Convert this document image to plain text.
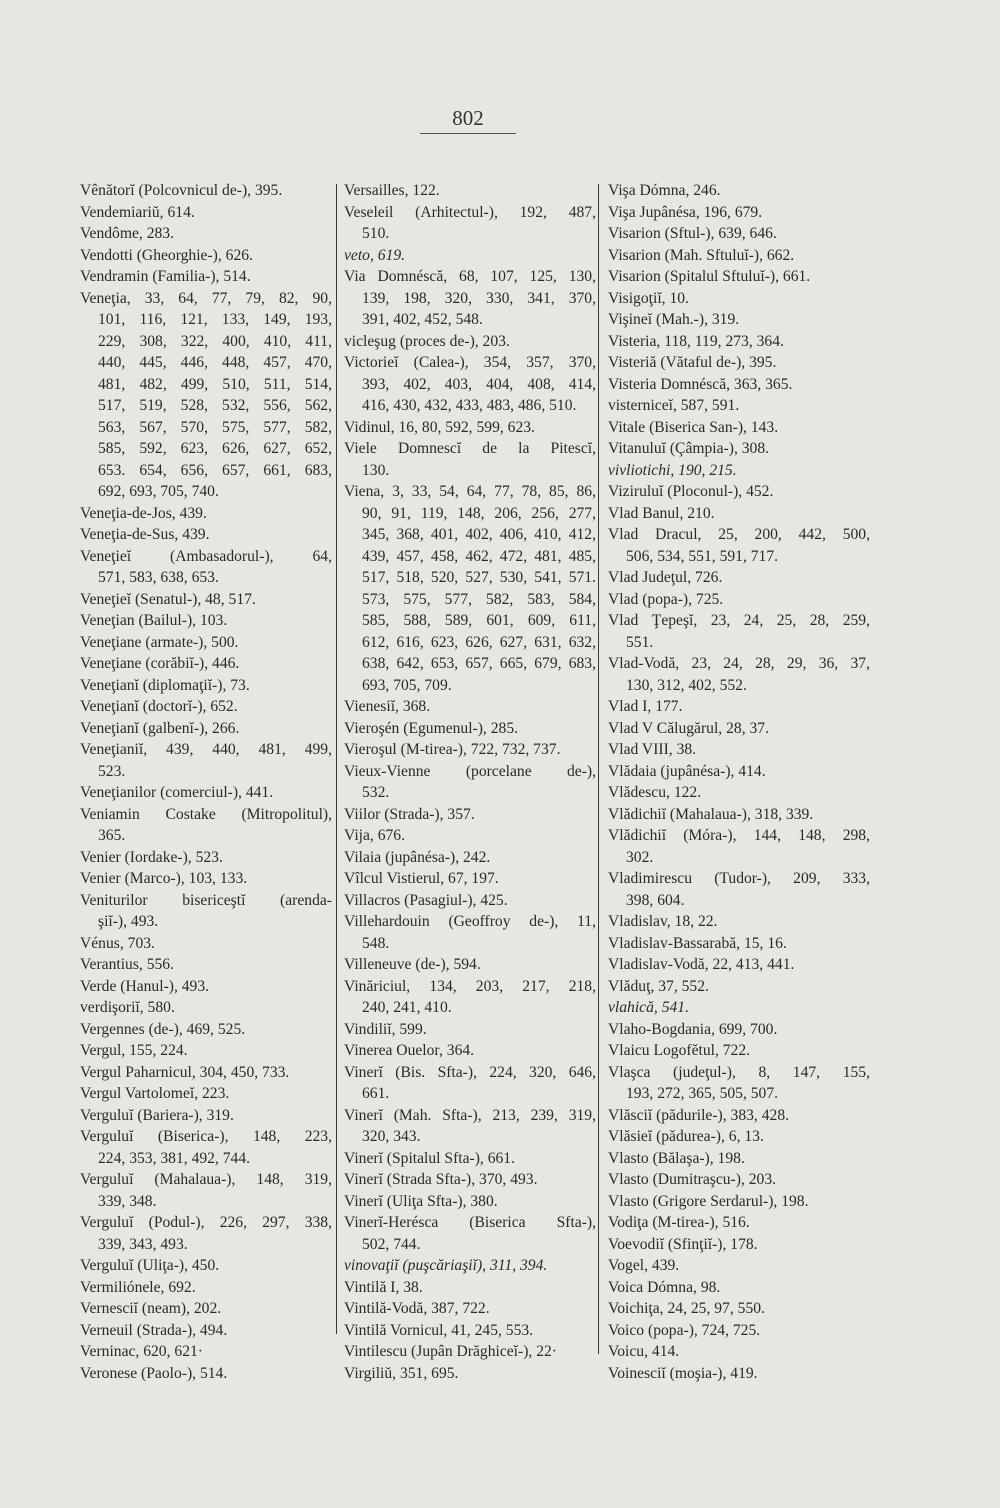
802
Vênătorĭ (Polcovnicul de-), 395.
Vendemiariŭ, 614.
Vendôme, 283.
Vendotti (Gheorghie-), 626.
Vendramin (Familia-), 514.
Veneţia, 33, 64, 77, 79, 82, 90,
101, 116, 121, 133, 149, 193,
229, 308, 322, 400, 410, 411,
440, 445, 446, 448, 457, 470,
481, 482, 499, 510, 511, 514,
517, 519, 528, 532, 556, 562,
563, 567, 570, 575, 577, 582,
585, 592, 623, 626, 627, 652,
653. 654, 656, 657, 661, 683,
692, 693, 705, 740.
Veneţia-de-Jos, 439.
Veneţia-de-Sus, 439.
Veneţieĭ (Ambasadorul-), 64,
571, 583, 638, 653.
Veneţieĭ (Senatul-), 48, 517.
Veneţian (Bailul-), 103.
Veneţiane (armate-), 500.
Veneţiane (corăbiĭ-), 446.
Veneţianĭ (diplomaţiĭ-), 73.
Veneţianĭ (doctorĭ-), 652.
Veneţianĭ (galbenĭ-), 266.
Veneţianiĭ, 439, 440, 481, 499,
523.
Veneţianilor (comerciul-), 441.
Veniamin Costake (Mitropolitul),
365.
Venier (Iordake-), 523.
Venier (Marco-), 103, 133.
Veniturilor bisericeştĭ (arenda-
şiĭ-), 493.
Vénus, 703.
Verantius, 556.
Verde (Hanul-), 493.
verdişoriĭ, 580.
Vergennes (de-), 469, 525.
Vergul, 155, 224.
Vergul Paharnicul, 304, 450, 733.
Vergul Vartolomeĭ, 223.
Verguluĭ (Bariera-), 319.
Verguluĭ (Biserica-), 148, 223,
224, 353, 381, 492, 744.
Verguluĭ (Mahalaua-), 148, 319,
339, 348.
Verguluĭ (Podul-), 226, 297, 338,
339, 343, 493.
Verguluĭ (Uliţa-), 450.
Vermiliónele, 692.
Vernesciĭ (neam), 202.
Verneuil (Strada-), 494.
Verninac, 620, 621·
Veronese (Paolo-), 514.
Versailles, 122.
Veseleil (Arhitectul-), 192, 487,
510.
veto, 619.
Via Domnéscă, 68, 107, 125, 130,
139, 198, 320, 330, 341, 370,
391, 402, 452, 548.
vicleşug (proces de-), 203.
Victorieĭ (Calea-), 354, 357, 370,
393, 402, 403, 404, 408, 414,
416, 430, 432, 433, 483, 486, 510.
Vidinul, 16, 80, 592, 599, 623.
Viele Domnescĭ de la Pitescĭ,
130.
Viena, 3, 33, 54, 64, 77, 78, 85, 86,
90, 91, 119, 148, 206, 256, 277,
345, 368, 401, 402, 406, 410, 412,
439, 457, 458, 462, 472, 481, 485,
517, 518, 520, 527, 530, 541, 571.
573, 575, 577, 582, 583, 584,
585, 588, 589, 601, 609, 611,
612, 616, 623, 626, 627, 631, 632,
638, 642, 653, 657, 665, 679, 683,
693, 705, 709.
Vienesiĭ, 368.
Vieroşén (Egumenul-), 285.
Vieroşul (M-tirea-), 722, 732, 737.
Vieux-Vienne (porcelane de-),
532.
Viilor (Strada-), 357.
Vija, 676.
Vilaia (jupânésa-), 242.
Vîlcul Vistierul, 67, 197.
Villacros (Pasagiul-), 425.
Villehardouin (Geoffroy de-), 11,
548.
Villeneuve (de-), 594.
Vinăriciul, 134, 203, 217, 218,
240, 241, 410.
Vindiliĭ, 599.
Vinerea Ouelor, 364.
Vinerĭ (Bis. Sfta-), 224, 320, 646,
661.
Vinerĭ (Mah. Sfta-), 213, 239, 319,
320, 343.
Vinerĭ (Spitalul Sfta-), 661.
Vinerĭ (Strada Sfta-), 370, 493.
Vinerĭ (Uliţa Sfta-), 380.
Vinerĭ-Herésca (Biserica Sfta-),
502, 744.
vinovaţiĭ (puşcăriaşiĭ), 311, 394.
Vintilă I, 38.
Vintilă-Vodă, 387, 722.
Vintilă Vornicul, 41, 245, 553.
Vintilescu (Jupân Drăghiceĭ-), 22·
Virgiliŭ, 351, 695.
Vişa Dómna, 246.
Vişa Jupânésa, 196, 679.
Visarion (Sftul-), 639, 646.
Visarion (Mah. Sftuluĭ-), 662.
Visarion (Spitalul Sftuluĭ-), 661.
Visigoţiĭ, 10.
Vişineĭ (Mah.-), 319.
Visteria, 118, 119, 273, 364.
Visteriă (Vătaful de-), 395.
Visteria Domnéscă, 363, 365.
visterniceĭ, 587, 591.
Vitale (Biserica San-), 143.
Vitanuluĭ (Çâmpia-), 308.
vivliotichi, 190, 215.
Viziruluĭ (Ploconul-), 452.
Vlad Banul, 210.
Vlad Dracul, 25, 200, 442, 500,
506, 534, 551, 591, 717.
Vlad Judeţul, 726.
Vlad (popa-), 725.
Vlad Ţepeşĭ, 23, 24, 25, 28, 259,
551.
Vlad-Vodă, 23, 24, 28, 29, 36, 37,
130, 312, 402, 552.
Vlad I, 177.
Vlad V Călugărul, 28, 37.
Vlad VIII, 38.
Vlădaia (jupânésa-), 414.
Vlădescu, 122.
Vlădichiĭ (Mahalaua-), 318, 339.
Vlădichiĭ (Móra-), 144, 148, 298,
302.
Vladimirescu (Tudor-), 209, 333,
398, 604.
Vladislav, 18, 22.
Vladislav-Bassarabă, 15, 16.
Vladislav-Vodă, 22, 413, 441.
Vlăduţ, 37, 552.
vlahică, 541.
Vlaho-Bogdania, 699, 700.
Vlaicu Logofĕtul, 722.
Vlaşca (judeţul-), 8, 147, 155,
193, 272, 365, 505, 507.
Vlăsciĭ (pădurile-), 383, 428.
Vlăsieĭ (pădurea-), 6, 13.
Vlasto (Bălaşa-), 198.
Vlasto (Dumitraşcu-), 203.
Vlasto (Grigore Serdarul-), 198.
Vodiţa (M-tirea-), 516.
Voevodiĭ (Sfinţiĭ-), 178.
Vogel, 439.
Voica Dómna, 98.
Voichiţa, 24, 25, 97, 550.
Voico (popa-), 724, 725.
Voicu, 414.
Voinesciĭ (moşia-), 419.
